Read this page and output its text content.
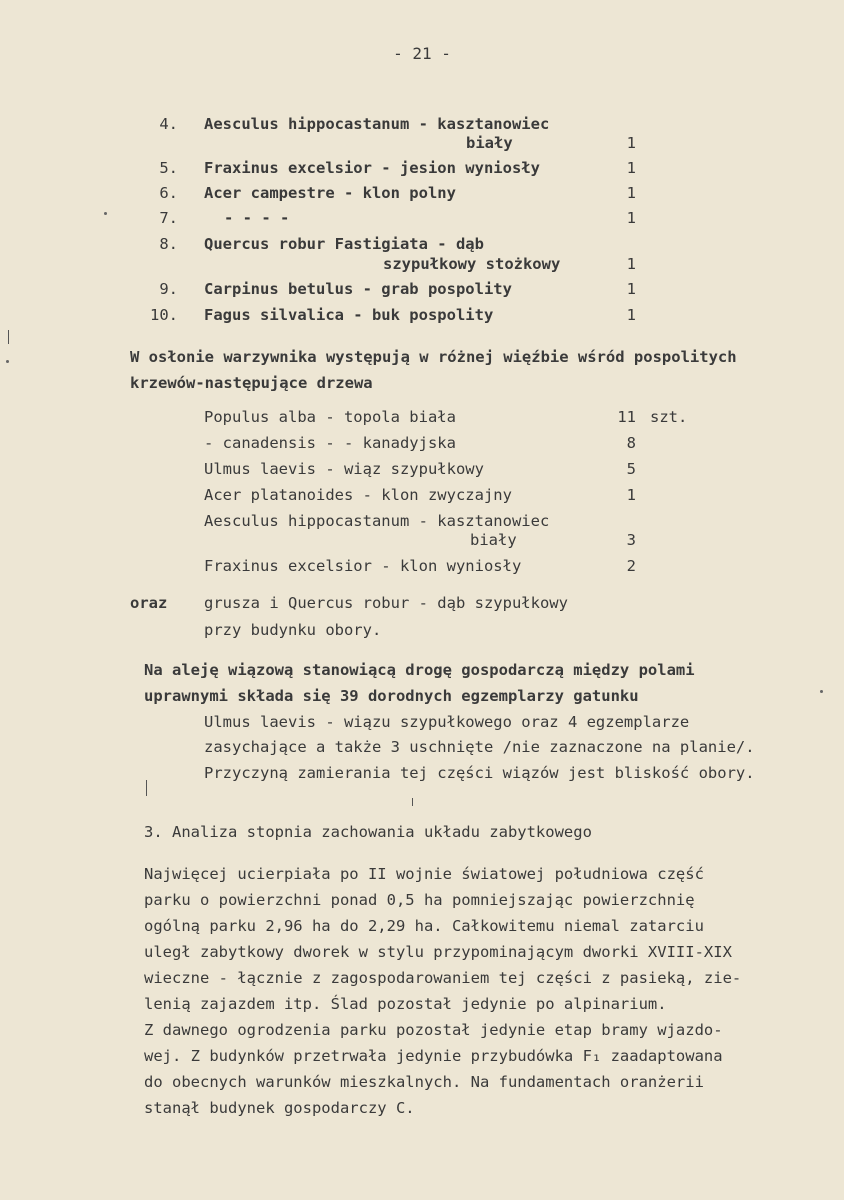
- 21 -
4. Aesculus hippocastanum - kasztanowiec
biały	1
5. Fraxinus excelsior - jesion wyniosły	1
6. Acer campestre - klon polny	1
7.	- - - -	1
8. Quercus robur Fastigiata - dąb
szypułkowy stożkowy	1
9. Carpinus betulus - grab pospolity	1
10. Fagus silvalica - buk pospolity	1
W osłonie warzywnika występują w różnej więźbie wśród pospolitych
krzewów-następujące drzewa
Populus alba - topola biała	11 szt.
- canadensis - - kanadyjska	8
Ulmus laevis - wiąz szypułkowy	5
Acer platanoides - klon zwyczajny	1
Aesculus hippocastanum - kasztanowiec
biały	3
Fraxinus excelsior - klon wyniosły	2
oraz grusza i Quercus robur - dąb szypułkowy
przy budynku obory.
Na aleję wiązową stanowiącą drogę gospodarczą między polami
uprawnymi składa się 39 dorodnych egzemplarzy gatunku
Ulmus laevis - wiązu szypułkowego oraz 4 egzemplarze
zasychające a także 3 uschnięte /nie zaznaczone na planie/.
Przyczyną zamierania tej części wiązów jest bliskość obory.
3. Analiza stopnia zachowania układu zabytkowego
Najwięcej ucierpiała po II wojnie światowej południowa część
parku o powierzchni ponad 0,5 ha pomniejszając powierzchnię
ogólną parku 2,96 ha do 2,29 ha. Całkowitemu niemal zatarciu
uległ zabytkowy dworek w stylu przypominającym dworki XVIII-XIX
wieczne - łącznie z zagospodarowaniem tej części z pasieką, zie-
lenią zajazdem itp. Ślad pozostał jedynie po alpinarium.
Z dawnego ogrodzenia parku pozostał jedynie etap bramy wjazdo-
wej. Z budynków przetrwała jedynie przybudówka F₁ zaadaptowana
do obecnych warunków mieszkalnych. Na fundamentach oranżerii
stanął budynek gospodarczy C.
